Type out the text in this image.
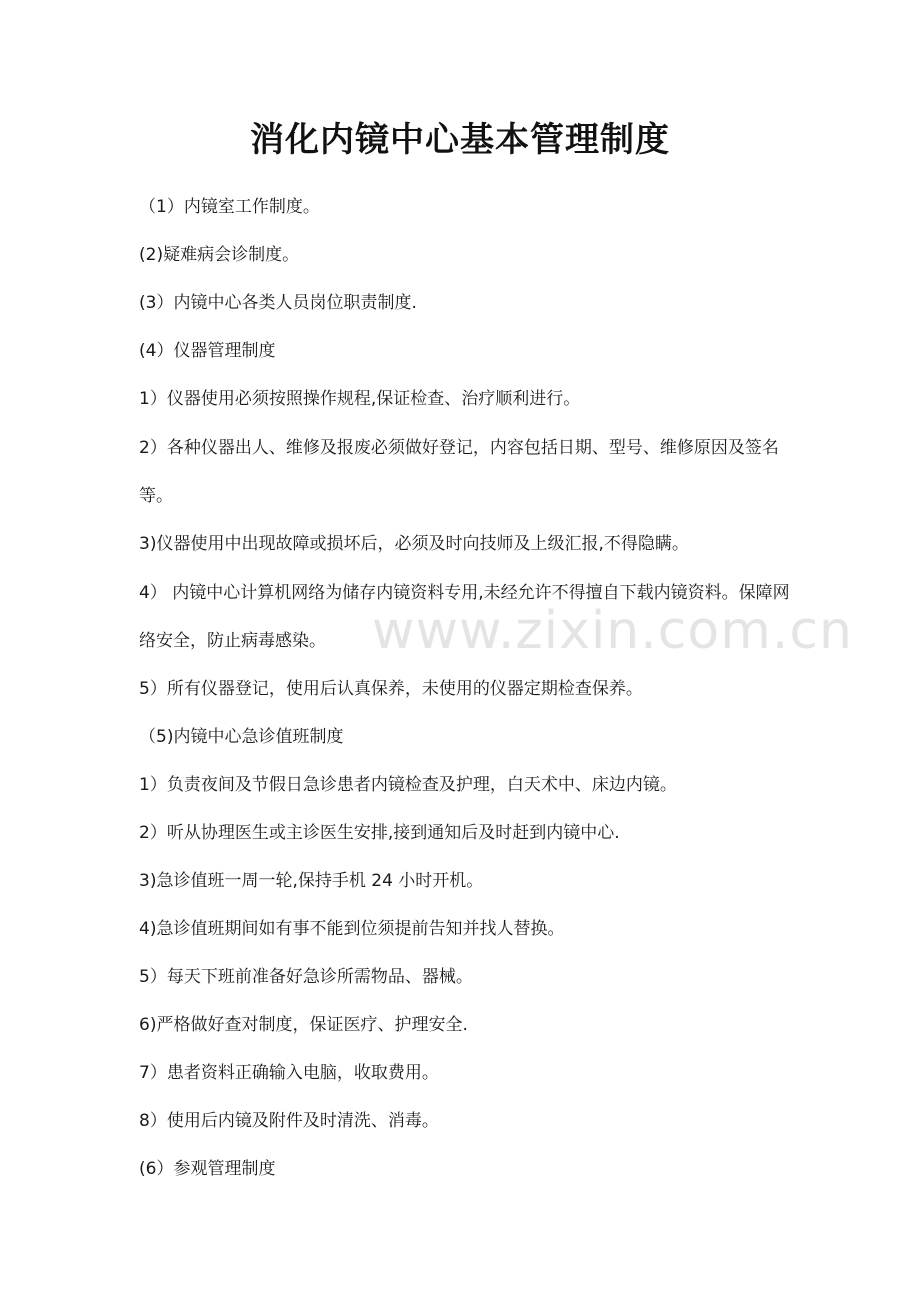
消化内镜中心基本管理制度

（1）内镜室工作制度。

(2)疑难病会诊制度。

(3）内镜中心各类人员岗位职责制度.

(4）仪器管理制度

1）仪器使用必须按照操作规程,保证检查、治疗顺利进行。

2）各种仪器出人、维修及报废必须做好登记，内容包括日期、型号、维修原因及签名等。

3)仪器使用中出现故障或损坏后，必须及时向技师及上级汇报,不得隐瞒。

4） 内镜中心计算机网络为储存内镜资料专用,未经允许不得擅自下载内镜资料。保障网络安全，防止病毒感染。

5）所有仪器登记，使用后认真保养，未使用的仪器定期检查保养。

（5)内镜中心急诊值班制度

1）负责夜间及节假日急诊患者内镜检查及护理，白天术中、床边内镜。

2）听从协理医生或主诊医生安排,接到通知后及时赶到内镜中心.

3)急诊值班一周一轮,保持手机 24 小时开机。

4)急诊值班期间如有事不能到位须提前告知并找人替换。

5）每天下班前准备好急诊所需物品、器械。

6)严格做好查对制度，保证医疗、护理安全.

7）患者资料正确输入电脑，收取费用。

8）使用后内镜及附件及时清洗、消毒。

(6）参观管理制度

www.zixin.com.cn
